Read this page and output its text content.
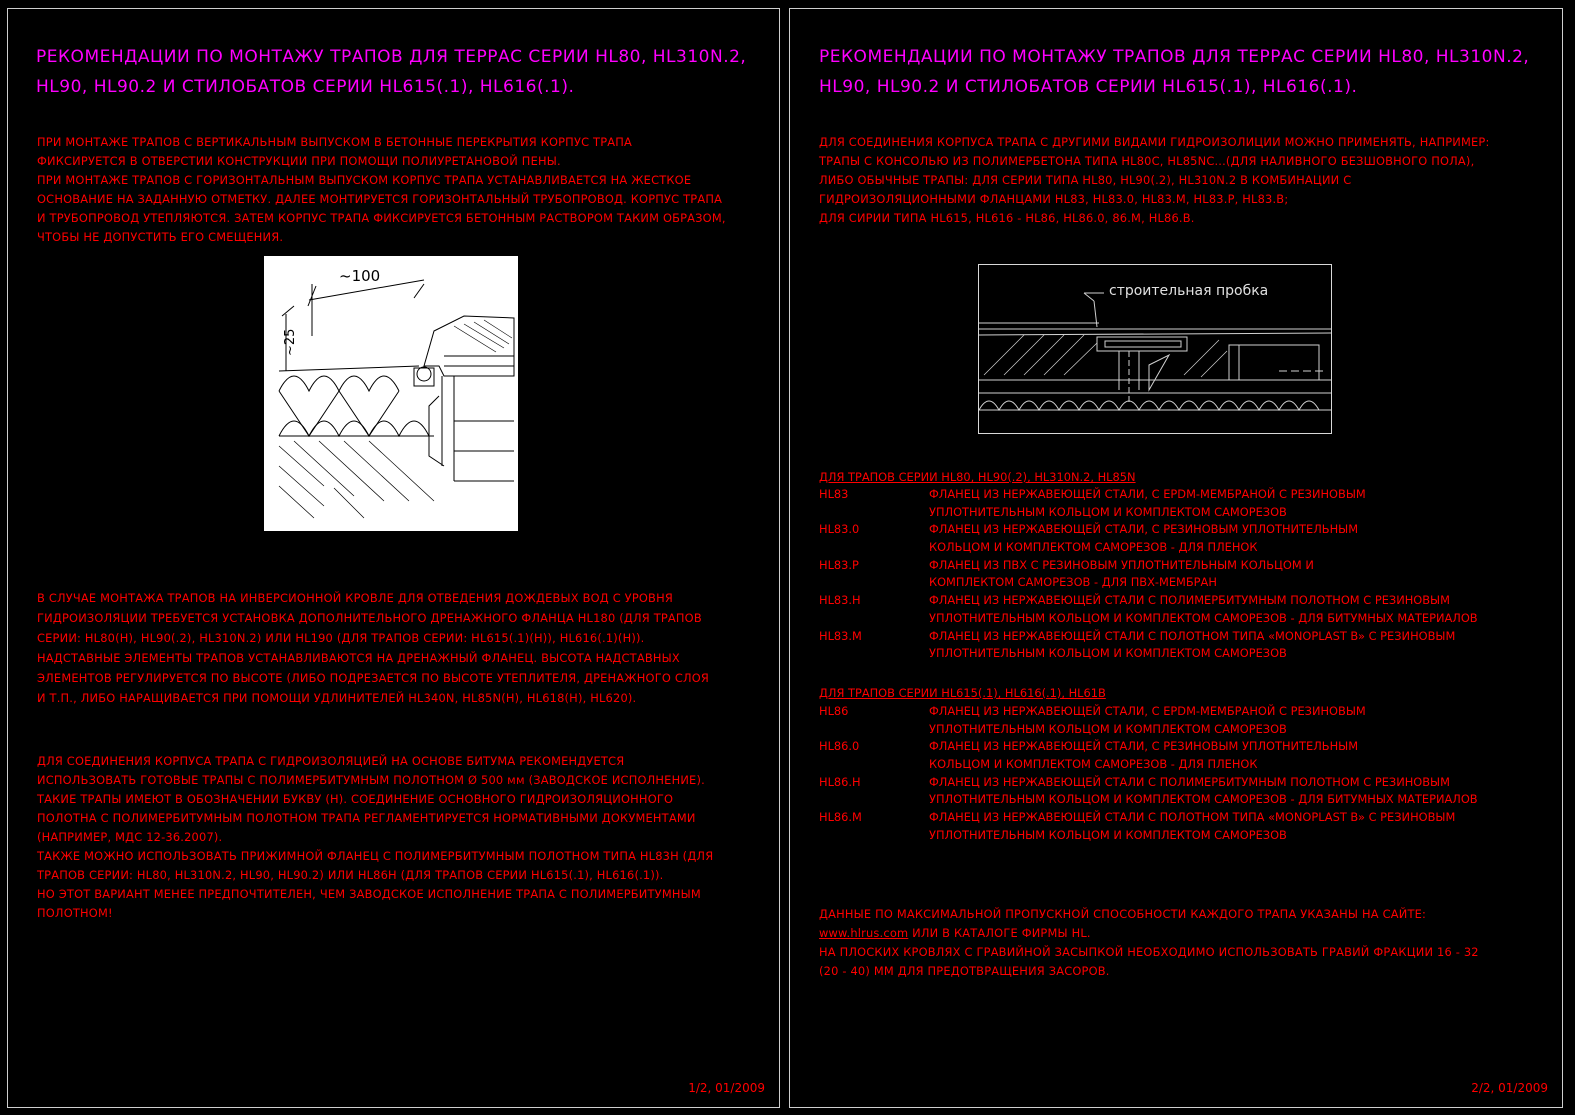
РЕКОМЕНДАЦИИ ПО МОНТАЖУ ТРАПОВ ДЛЯ ТЕРРАС СЕРИИ HL80, HL310N.2,
HL90, HL90.2 И СТИЛОБАТОВ СЕРИИ HL615(.1), HL616(.1).
ПРИ МОНТАЖЕ ТРАПОВ С ВЕРТИКАЛЬНЫМ ВЫПУСКОМ В БЕТОННЫЕ ПЕРЕКРЫТИЯ КОРПУС ТРАПА
ФИКСИРУЕТСЯ В ОТВЕРСТИИ КОНСТРУКЦИИ ПРИ ПОМОЩИ ПОЛИУРЕТАНОВОЙ ПЕНЫ.
ПРИ МОНТАЖЕ ТРАПОВ С ГОРИЗОНТАЛЬНЫМ ВЫПУСКОМ КОРПУС ТРАПА УСТАНАВЛИВАЕТСЯ НА ЖЕСТКОЕ
ОСНОВАНИЕ НА ЗАДАННУЮ ОТМЕТКУ. ДАЛЕЕ МОНТИРУЕТСЯ ГОРИЗОНТАЛЬНЫЙ ТРУБОПРОВОД. КОРПУС ТРАПА
И ТРУБОПРОВОД УТЕПЛЯЮТСЯ. ЗАТЕМ КОРПУС ТРАПА ФИКСИРУЕТСЯ БЕТОННЫМ РАСТВОРОМ ТАКИМ ОБРАЗОМ,
ЧТОБЫ НЕ ДОПУСТИТЬ ЕГО СМЕЩЕНИЯ.
~100
~25
В СЛУЧАЕ МОНТАЖА ТРАПОВ НА ИНВЕРСИОННОЙ КРОВЛЕ ДЛЯ ОТВЕДЕНИЯ ДОЖДЕВЫХ ВОД С УРОВНЯ
ГИДРОИЗОЛЯЦИИ ТРЕБУЕТСЯ УСТАНОВКА ДОПОЛНИТЕЛЬНОГО ДРЕНАЖНОГО ФЛАНЦА HL180 (ДЛЯ ТРАПОВ
СЕРИИ: HL80(H), HL90(.2), HL310N.2) ИЛИ HL190 (ДЛЯ ТРАПОВ СЕРИИ: HL615(.1)(H)), HL616(.1)(H)).
НАДСТАВНЫЕ ЭЛЕМЕНТЫ ТРАПОВ УСТАНАВЛИВАЮТСЯ НА ДРЕНАЖНЫЙ ФЛАНЕЦ. ВЫСОТА НАДСТАВНЫХ
ЭЛЕМЕНТОВ РЕГУЛИРУЕТСЯ ПО ВЫСОТЕ (ЛИБО ПОДРЕЗАЕТСЯ ПО ВЫСОТЕ УТЕПЛИТЕЛЯ, ДРЕНАЖНОГО СЛОЯ
И Т.П., ЛИБО НАРАЩИВАЕТСЯ ПРИ ПОМОЩИ УДЛИНИТЕЛЕЙ HL340N, HL85N(H), HL618(H), HL620).
ДЛЯ СОЕДИНЕНИЯ КОРПУСА ТРАПА С ГИДРОИЗОЛЯЦИЕЙ НА ОСНОВЕ БИТУМА РЕКОМЕНДУЕТСЯ
ИСПОЛЬЗОВАТЬ ГОТОВЫЕ ТРАПЫ С ПОЛИМЕРБИТУМНЫМ ПОЛОТНОМ Ø 500 мм (ЗАВОДСКОЕ ИСПОЛНЕНИЕ).
ТАКИЕ ТРАПЫ ИМЕЮТ В ОБОЗНАЧЕНИИ БУКВУ (H). СОЕДИНЕНИЕ ОСНОВНОГО ГИДРОИЗОЛЯЦИОННОГО
ПОЛОТНА С ПОЛИМЕРБИТУМНЫМ ПОЛОТНОМ ТРАПА РЕГЛАМЕНТИРУЕТСЯ НОРМАТИВНЫМИ ДОКУМЕНТАМИ
(НАПРИМЕР, МДС 12-36.2007).
ТАКЖЕ МОЖНО ИСПОЛЬЗОВАТЬ ПРИЖИМНОЙ ФЛАНЕЦ С ПОЛИМЕРБИТУМНЫМ ПОЛОТНОМ ТИПА HL83H (ДЛЯ
ТРАПОВ СЕРИИ: HL80, HL310N.2, HL90, HL90.2) ИЛИ HL86H (ДЛЯ ТРАПОВ СЕРИИ HL615(.1), HL616(.1)).
НО ЭТОТ ВАРИАНТ МЕНЕЕ ПРЕДПОЧТИТЕЛЕН, ЧЕМ ЗАВОДСКОЕ ИСПОЛНЕНИЕ ТРАПА С ПОЛИМЕРБИТУМНЫМ
ПОЛОТНОМ!
1/2, 01/2009
РЕКОМЕНДАЦИИ ПО МОНТАЖУ ТРАПОВ ДЛЯ ТЕРРАС СЕРИИ HL80, HL310N.2,
HL90, HL90.2 И СТИЛОБАТОВ СЕРИИ HL615(.1), HL616(.1).
ДЛЯ СОЕДИНЕНИЯ КОРПУСА ТРАПА С ДРУГИМИ ВИДАМИ ГИДРОИЗОЛИЦИИ МОЖНО ПРИМЕНЯТЬ, НАПРИМЕР:
ТРАПЫ С КОНСОЛЬЮ ИЗ ПОЛИМЕРБЕТОНА ТИПА HL80C, HL85NC...(ДЛЯ НАЛИВНОГО БЕЗШОВНОГО ПОЛА),
ЛИБО ОБЫЧНЫЕ ТРАПЫ: ДЛЯ СЕРИИ ТИПА HL80, HL90(.2), HL310N.2 В КОМБИНАЦИИ С
ГИДРОИЗОЛЯЦИОННЫМИ ФЛАНЦАМИ HL83, HL83.0, HL83.M, HL83.P, HL83.B;
ДЛЯ СИРИИ ТИПА HL615, HL616 - HL86, HL86.0, 86.M, HL86.B.
строительная пробка
ДЛЯ ТРАПОВ СЕРИИ HL80, HL90(.2), HL310N.2, HL85N
HL83	ФЛАНЕЦ ИЗ НЕРЖАВЕЮЩЕЙ СТАЛИ, С EPDM-МЕМБРАНОЙ С РЕЗИНОВЫМ
УПЛОТНИТЕЛЬНЫМ КОЛЬЦОМ И КОМПЛЕКТОМ САМОРЕЗОВ
HL83.0	ФЛАНЕЦ ИЗ НЕРЖАВЕЮЩЕЙ СТАЛИ, С РЕЗИНОВЫМ УПЛОТНИТЕЛЬНЫМ
КОЛЬЦОМ И КОМПЛЕКТОМ САМОРЕЗОВ - ДЛЯ ПЛЕНОК
HL83.P	ФЛАНЕЦ ИЗ ПВХ С РЕЗИНОВЫМ УПЛОТНИТЕЛЬНЫМ КОЛЬЦОМ И
КОМПЛЕКТОМ САМОРЕЗОВ - ДЛЯ ПВХ-МЕМБРАН
HL83.H	ФЛАНЕЦ ИЗ НЕРЖАВЕЮЩЕЙ СТАЛИ С ПОЛИМЕРБИТУМНЫМ ПОЛОТНОМ С РЕЗИНОВЫМ
УПЛОТНИТЕЛЬНЫМ КОЛЬЦОМ И КОМПЛЕКТОМ САМОРЕЗОВ - ДЛЯ БИТУМНЫХ МАТЕРИАЛОВ
HL83.M	ФЛАНЕЦ ИЗ НЕРЖАВЕЮЩЕЙ СТАЛИ С ПОЛОТНОМ ТИПА «MONOPLAST B» С РЕЗИНОВЫМ
УПЛОТНИТЕЛЬНЫМ КОЛЬЦОМ И КОМПЛЕКТОМ САМОРЕЗОВ
ДЛЯ ТРАПОВ СЕРИИ HL615(.1), HL616(.1), HL61B
HL86	ФЛАНЕЦ ИЗ НЕРЖАВЕЮЩЕЙ СТАЛИ, С EPDM-МЕМБРАНОЙ С РЕЗИНОВЫМ
УПЛОТНИТЕЛЬНЫМ КОЛЬЦОМ И КОМПЛЕКТОМ САМОРЕЗОВ
HL86.0	ФЛАНЕЦ ИЗ НЕРЖАВЕЮЩЕЙ СТАЛИ, С РЕЗИНОВЫМ УПЛОТНИТЕЛЬНЫМ
КОЛЬЦОМ И КОМПЛЕКТОМ САМОРЕЗОВ - ДЛЯ ПЛЕНОК
HL86.H	ФЛАНЕЦ ИЗ НЕРЖАВЕЮЩЕЙ СТАЛИ С ПОЛИМЕРБИТУМНЫМ ПОЛОТНОМ С РЕЗИНОВЫМ
УПЛОТНИТЕЛЬНЫМ КОЛЬЦОМ И КОМПЛЕКТОМ САМОРЕЗОВ - ДЛЯ БИТУМНЫХ МАТЕРИАЛОВ
HL86.M	ФЛАНЕЦ ИЗ НЕРЖАВЕЮЩЕЙ СТАЛИ С ПОЛОТНОМ ТИПА «MONOPLAST B» С РЕЗИНОВЫМ
УПЛОТНИТЕЛЬНЫМ КОЛЬЦОМ И КОМПЛЕКТОМ САМОРЕЗОВ
ДАННЫЕ ПО МАКСИМАЛЬНОЙ ПРОПУСКНОЙ СПОСОБНОСТИ КАЖДОГО ТРАПА УКАЗАНЫ НА САЙТЕ:
www.hlrus.com ИЛИ В КАТАЛОГЕ ФИРМЫ HL.
НА ПЛОСКИХ КРОВЛЯХ С ГРАВИЙНОЙ ЗАСЫПКОЙ НЕОБХОДИМО ИСПОЛЬЗОВАТЬ ГРАВИЙ ФРАКЦИИ 16 - 32
(20 - 40) ММ ДЛЯ ПРЕДОТВРАЩЕНИЯ ЗАСОРОВ.
2/2, 01/2009
